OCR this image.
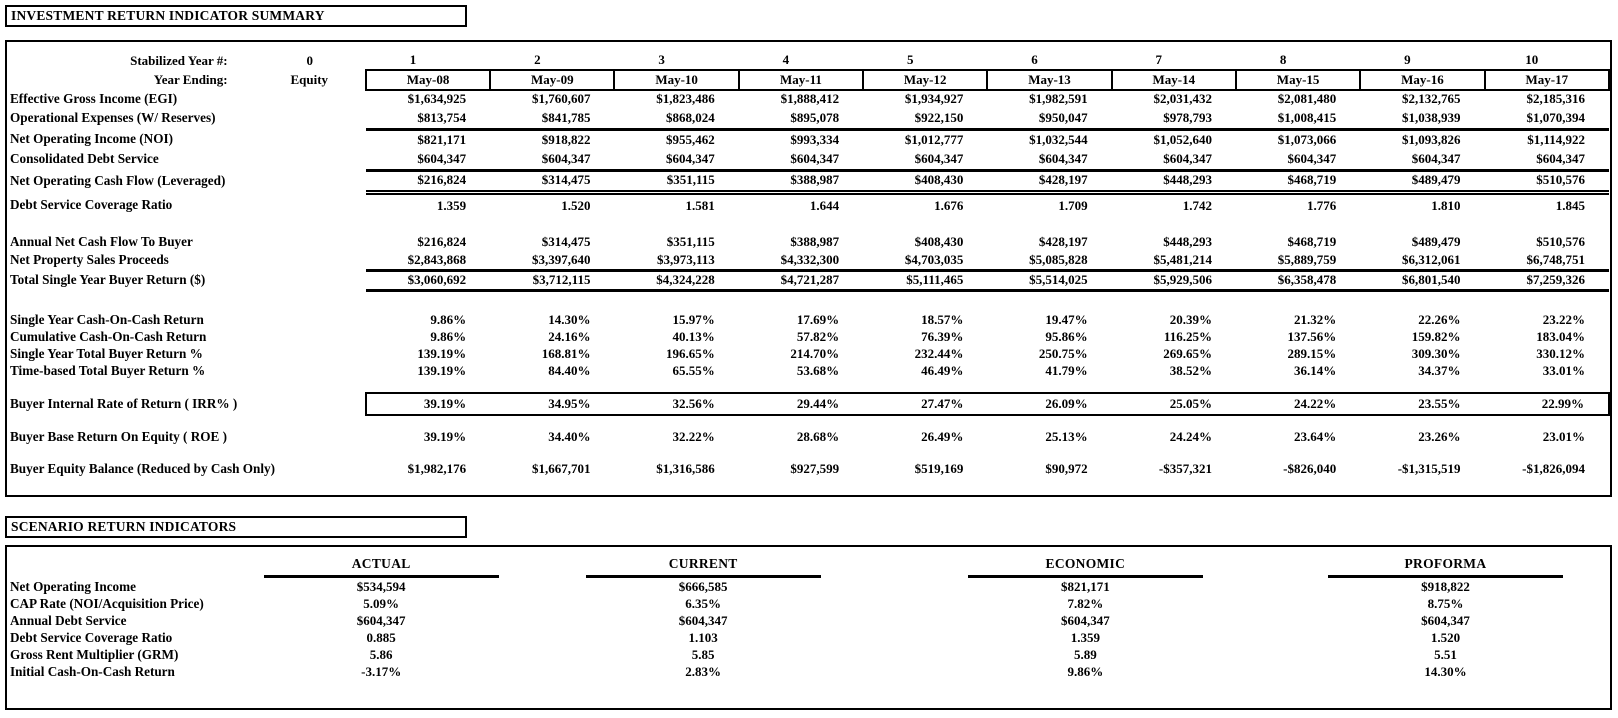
INVESTMENT RETURN INDICATOR SUMMARY
Stabilized Year #:	0	1	2	3	4	5	6	7	8	9	10
Year Ending:	Equity	May-08	May-09	May-10	May-11	May-12	May-13	May-14	May-15	May-16	May-17
Effective Gross Income (EGI)		$1,634,925	$1,760,607	$1,823,486	$1,888,412	$1,934,927	$1,982,591	$2,031,432	$2,081,480	$2,132,765	$2,185,316
Operational Expenses (W/ Reserves)		$813,754	$841,785	$868,024	$895,078	$922,150	$950,047	$978,793	$1,008,415	$1,038,939	$1,070,394
Net Operating Income (NOI)		$821,171	$918,822	$955,462	$993,334	$1,012,777	$1,032,544	$1,052,640	$1,073,066	$1,093,826	$1,114,922
Consolidated Debt Service		$604,347	$604,347	$604,347	$604,347	$604,347	$604,347	$604,347	$604,347	$604,347	$604,347
Net Operating Cash Flow (Leveraged)		$216,824	$314,475	$351,115	$388,987	$408,430	$428,197	$448,293	$468,719	$489,479	$510,576
Debt Service Coverage Ratio		1.359	1.520	1.581	1.644	1.676	1.709	1.742	1.776	1.810	1.845

Annual Net Cash Flow To Buyer		$216,824	$314,475	$351,115	$388,987	$408,430	$428,197	$448,293	$468,719	$489,479	$510,576
Net Property Sales Proceeds		$2,843,868	$3,397,640	$3,973,113	$4,332,300	$4,703,035	$5,085,828	$5,481,214	$5,889,759	$6,312,061	$6,748,751
Total Single Year Buyer Return ($)		$3,060,692	$3,712,115	$4,324,228	$4,721,287	$5,111,465	$5,514,025	$5,929,506	$6,358,478	$6,801,540	$7,259,326

Single Year Cash-On-Cash Return		9.86%	14.30%	15.97%	17.69%	18.57%	19.47%	20.39%	21.32%	22.26%	23.22%
Cumulative Cash-On-Cash Return		9.86%	24.16%	40.13%	57.82%	76.39%	95.86%	116.25%	137.56%	159.82%	183.04%
Single Year Total Buyer Return %		139.19%	168.81%	196.65%	214.70%	232.44%	250.75%	269.65%	289.15%	309.30%	330.12%
Time-based Total Buyer Return %		139.19%	84.40%	65.55%	53.68%	46.49%	41.79%	38.52%	36.14%	34.37%	33.01%

Buyer Internal Rate of Return ( IRR% )		39.19%	34.95%	32.56%	29.44%	27.47%	26.09%	25.05%	24.22%	23.55%	22.99%

Buyer Base Return On Equity ( ROE )		39.19%	34.40%	32.22%	28.68%	26.49%	25.13%	24.24%	23.64%	23.26%	23.01%

Buyer Equity Balance (Reduced by Cash Only)		$1,982,176	$1,667,701	$1,316,586	$927,599	$519,169	$90,972	-$357,321	-$826,040	-$1,315,519	-$1,826,094
SCENARIO RETURN INDICATORS

	ACTUAL	CURRENT	ECONOMIC	PROFORMA

Net Operating Income	$534,594	$666,585	$821,171	$918,822
CAP Rate (NOI/Acquisition Price)	5.09%	6.35%	7.82%	8.75%
Annual Debt Service	$604,347	$604,347	$604,347	$604,347
Debt Service Coverage Ratio	0.885	1.103	1.359	1.520
Gross Rent Multiplier (GRM)	5.86	5.85	5.89	5.51
Initial Cash-On-Cash Return	-3.17%	2.83%	9.86%	14.30%
